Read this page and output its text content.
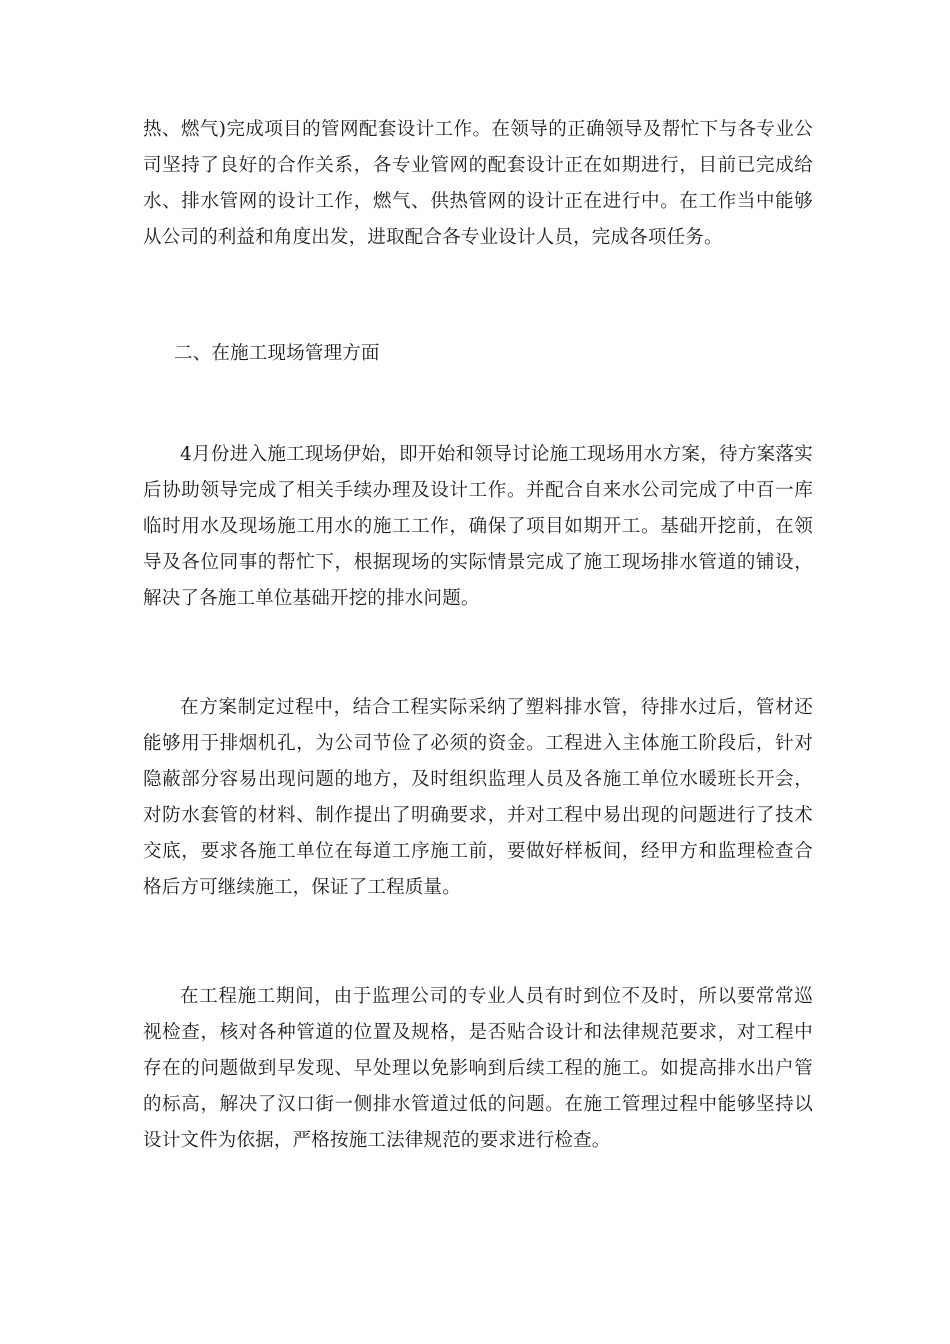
热、燃气)完成项目的管网配套设计工作。在领导的正确领导及帮忙下与各专业公司坚持了良好的合作关系，各专业管网的配套设计正在如期进行，目前已完成给水、排水管网的设计工作，燃气、供热管网的设计正在进行中。在工作当中能够从公司的利益和角度出发，进取配合各专业设计人员，完成各项任务。

二、在施工现场管理方面

4月份进入施工现场伊始，即开始和领导讨论施工现场用水方案，待方案落实后协助领导完成了相关手续办理及设计工作。并配合自来水公司完成了中百一库临时用水及现场施工用水的施工工作，确保了项目如期开工。基础开挖前，在领导及各位同事的帮忙下，根据现场的实际情景完成了施工现场排水管道的铺设，解决了各施工单位基础开挖的排水问题。

在方案制定过程中，结合工程实际采纳了塑料排水管，待排水过后，管材还能够用于排烟机孔，为公司节俭了必须的资金。工程进入主体施工阶段后，针对隐蔽部分容易出现问题的地方，及时组织监理人员及各施工单位水暖班长开会，对防水套管的材料、制作提出了明确要求，并对工程中易出现的问题进行了技术交底，要求各施工单位在每道工序施工前，要做好样板间，经甲方和监理检查合格后方可继续施工，保证了工程质量。

在工程施工期间，由于监理公司的专业人员有时到位不及时，所以要常常巡视检查，核对各种管道的位置及规格，是否贴合设计和法律规范要求，对工程中存在的问题做到早发现、早处理以免影响到后续工程的施工。如提高排水出户管的标高，解决了汉口街一侧排水管道过低的问题。在施工管理过程中能够坚持以设计文件为依据，严格按施工法律规范的要求进行检查。
